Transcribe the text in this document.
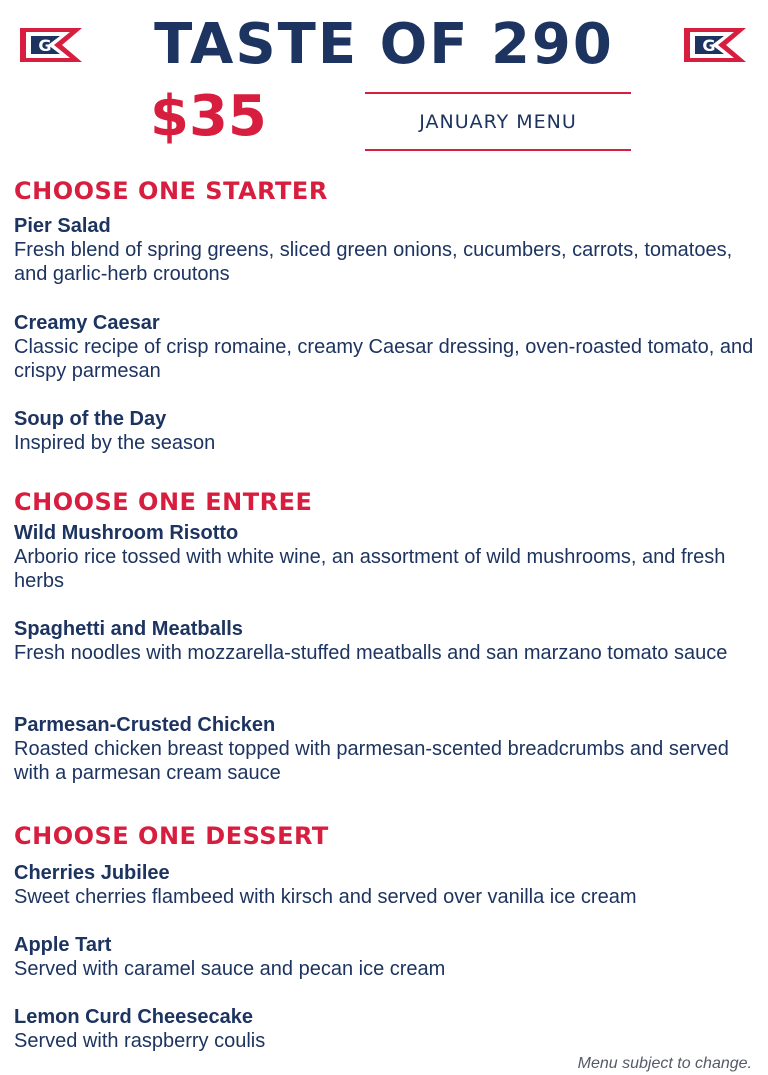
G	TASTE OF 290	G
$35	JANUARY MENU
CHOOSE ONE STARTER
Pier Salad
Fresh blend of spring greens, sliced green onions, cucumbers, carrots, tomatoes, and garlic-herb croutons
Creamy Caesar
Classic recipe of crisp romaine, creamy Caesar dressing, oven-roasted tomato, and crispy parmesan
Soup of the Day
Inspired by the season
CHOOSE ONE ENTREE
Wild Mushroom Risotto
Arborio rice tossed with white wine, an assortment of wild mushrooms, and fresh herbs
Spaghetti and Meatballs
Fresh noodles with mozzarella-stuffed meatballs and san marzano tomato sauce
Parmesan-Crusted Chicken
Roasted chicken breast topped with parmesan-scented breadcrumbs and served with a parmesan cream sauce
CHOOSE ONE DESSERT
Cherries Jubilee
Sweet cherries flambeed with kirsch and served over vanilla ice cream
Apple Tart
Served with caramel sauce and pecan ice cream
Lemon Curd Cheesecake
Served with raspberry coulis
Menu subject to change.
